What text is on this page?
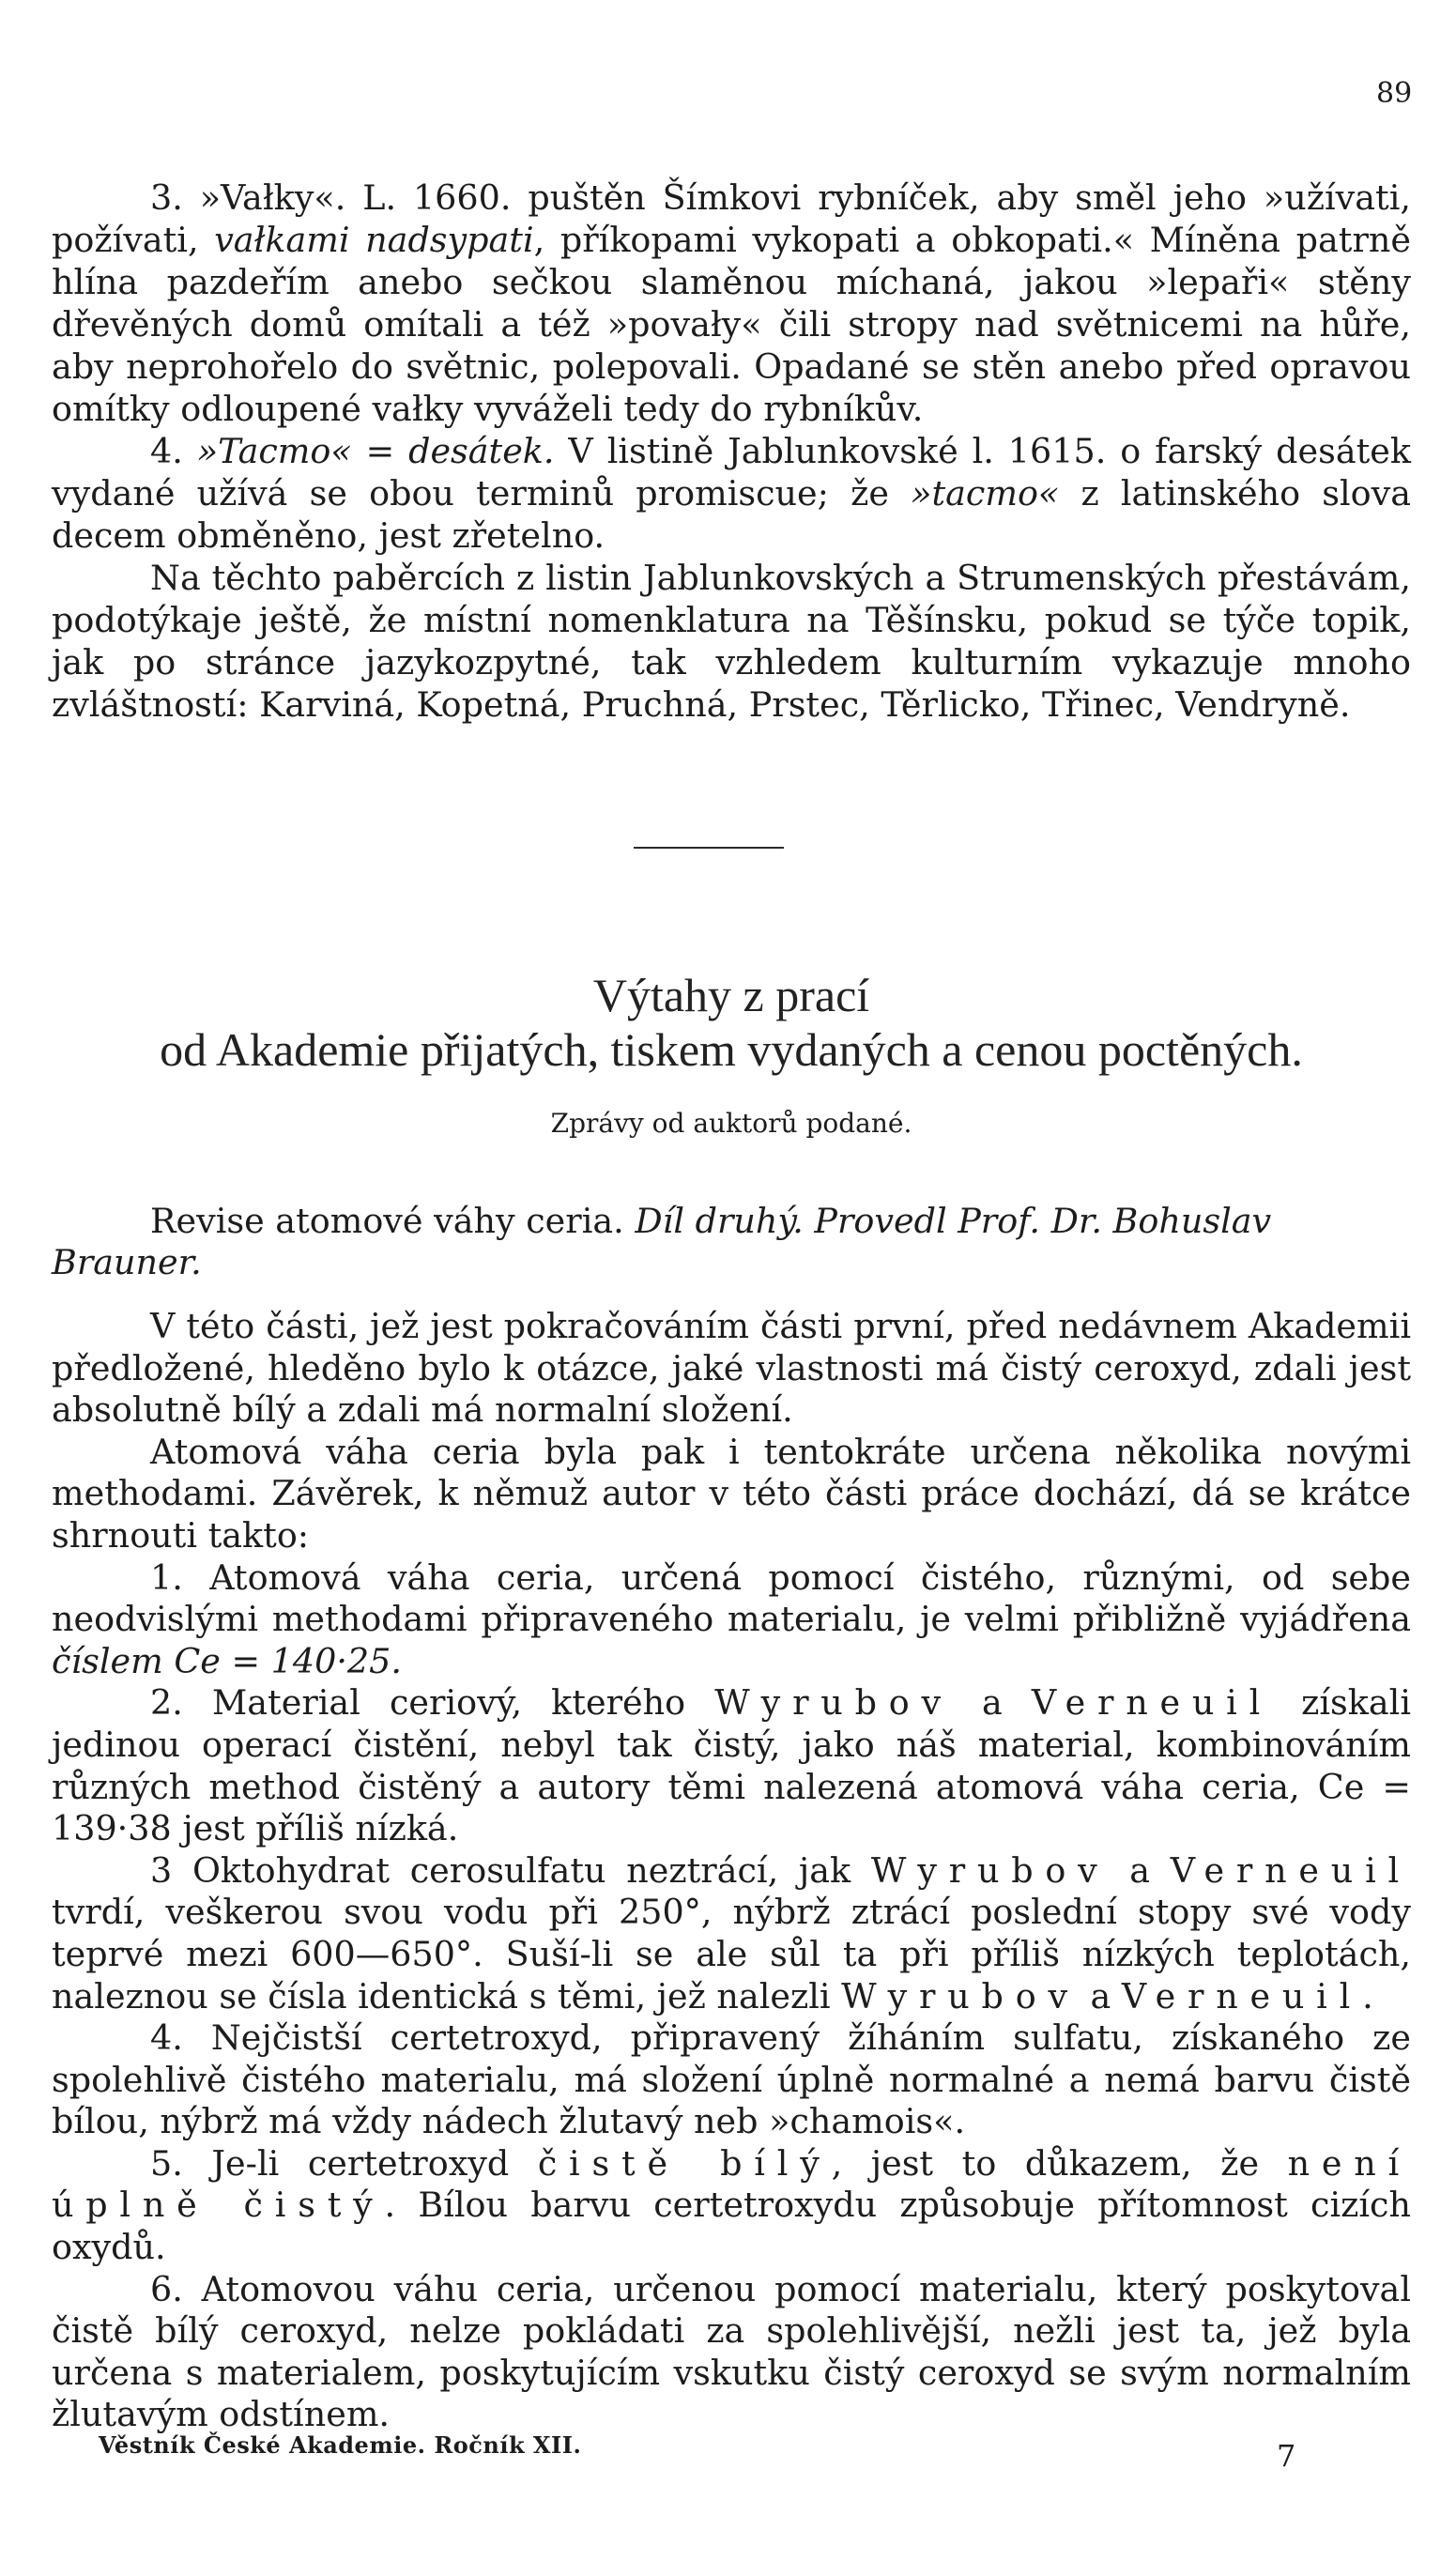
89

3. »Vałky«. L. 1660. puštěn Šímkovi rybníček, aby směl jeho »užívati, požívati, vałkami nadsypati, příkopami vykopati a obkopati.« Míněna patrně hlína pazdeřím anebo sečkou slaměnou míchaná, jakou »lepaři« stěny dřevěných domů omítali a též »povały« čili stropy nad světnicemi na hůře, aby neprohořelo do světnic, polepovali. Opadané se stěn anebo před opravou omítky odloupené vałky vyváželi tedy do rybníkův.

4. »Tacmo« = desátek. V listině Jablunkovské l. 1615. o farský desátek vydané užívá se obou terminů promiscue; že »tacmo« z latinského slova decem obměněno, jest zřetelno.

Na těchto paběrcích z listin Jablunkovských a Strumenských přestávám, podotýkaje ještě, že místní nomenklatura na Těšínsku, pokud se týče topik, jak po stránce jazykozpytné, tak vzhledem kulturním vykazuje mnoho zvláštností: Karviná, Kopetná, Pruchná, Prstec, Těrlicko, Třinec, Vendryně.

Výtahy z prací

od Akademie přijatých, tiskem vydaných a cenou poctěných.

Zprávy od auktorů podané.

Revise atomové váhy ceria. Díl druhý. Provedl Prof. Dr. Bohuslav Brauner.

V této části, jež jest pokračováním části první, před nedávnem Akademii předložené, hleděno bylo k otázce, jaké vlastnosti má čistý ceroxyd, zdali jest absolutně bílý a zdali má normalní složení.

Atomová váha ceria byla pak i tentokráte určena několika novými methodami. Závěrek, k němuž autor v této části práce dochází, dá se krátce shrnouti takto:

1. Atomová váha ceria, určená pomocí čistého, různými, od sebe neodvislými methodami připraveného materialu, je velmi přibližně vyjádřena číslem Ce = 140·25.

2. Material ceriový, kterého Wyrubov a Verneuil získali jedinou operací čistění, nebyl tak čistý, jako náš material, kombinováním různých method čistěný a autory těmi nalezená atomová váha ceria, Ce = 139·38 jest příliš nízká.

3 Oktohydrat cerosulfatu neztrácí, jak Wyrubov a Verneuil tvrdí, veškerou svou vodu při 250°, nýbrž ztrácí poslední stopy své vody teprvé mezi 600—650°. Suší-li se ale sůl ta při příliš nízkých teplotách, naleznou se čísla identická s těmi, jež nalezli Wyrubov a Verneuil.

4. Nejčistší certetroxyd, připravený žíháním sulfatu, získaného ze spolehlivě čistého materialu, má složení úplně normalné a nemá barvu čistě bílou, nýbrž má vždy nádech žlutavý neb »chamois«.

5. Je-li certetroxyd čistě bílý, jest to důkazem, že není úplně čistý. Bílou barvu certetroxydu způsobuje přítomnost cizích oxydů.

6. Atomovou váhu ceria, určenou pomocí materialu, který poskytoval čistě bílý ceroxyd, nelze pokládati za spolehlivější, nežli jest ta, jež byla určena s materialem, poskytujícím vskutku čistý ceroxyd se svým normalním žlutavým odstínem.

Věstník České Akademie. Ročník XII.	7
